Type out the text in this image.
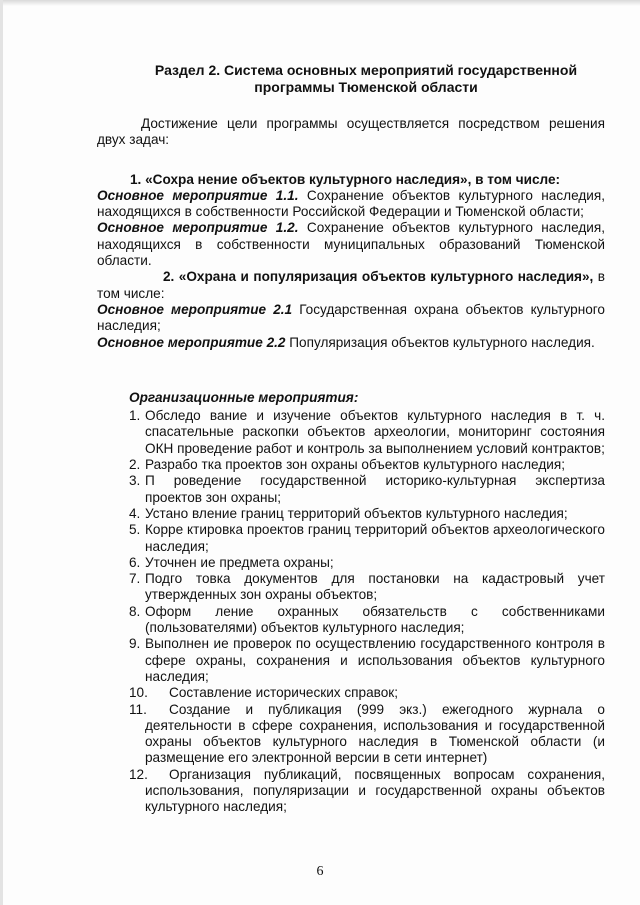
Раздел 2. Система основных мероприятий государственной
программы Тюменской области

Достижение цели программы осуществляется посредством решения двух задач:

1. «Сохра нение объектов культурного наследия», в том числе:

Основное мероприятие 1.1. Сохранение объектов культурного наследия, находящихся в собственности Российской Федерации и Тюменской области;

Основное мероприятие 1.2. Сохранение объектов культурного наследия, находящихся в собственности муниципальных образований Тюменской области.

2. «Охрана и популяризация объектов культурного наследия», в том числе:

Основное мероприятие 2.1 Государственная охрана объектов культурного наследия;

Основное мероприятие 2.2 Популяризация объектов культурного наследия.

Организационные мероприятия:

1. Обследо вание и изучение объектов культурного наследия в т. ч. спасательные раскопки объектов археологии, мониторинг состояния ОКН проведение работ и контроль за выполнением условий контрактов;
2. Разрабо тка проектов зон охраны объектов культурного наследия;
3. П роведение государственной историко-культурная экспертиза проектов зон охраны;
4. Устано вление границ территорий объектов культурного наследия;
5. Корре ктировка проектов границ территорий объектов археологического наследия;
6. Уточнен ие предмета охраны;
7. Подго товка документов для постановки на кадастровый учет утвержденных зон охраны объектов;
8. Оформ ление охранных обязательств с собственниками (пользователями) объектов культурного наследия;
9. Выполнен ие проверок по осуществлению государственного контроля в сфере охраны, сохранения и использования объектов культурного наследия;
10. Составление исторических справок;
11.	Создание и публикация (999 экз.) ежегодного журнала о деятельности в сфере сохранения, использования и государственной охраны объектов культурного наследия в Тюменской области (и размещение его электронной версии в сети интернет)
12.	Организация публикаций, посвященных вопросам сохранения, использования, популяризации и государственной охраны объектов культурного наследия;
6
